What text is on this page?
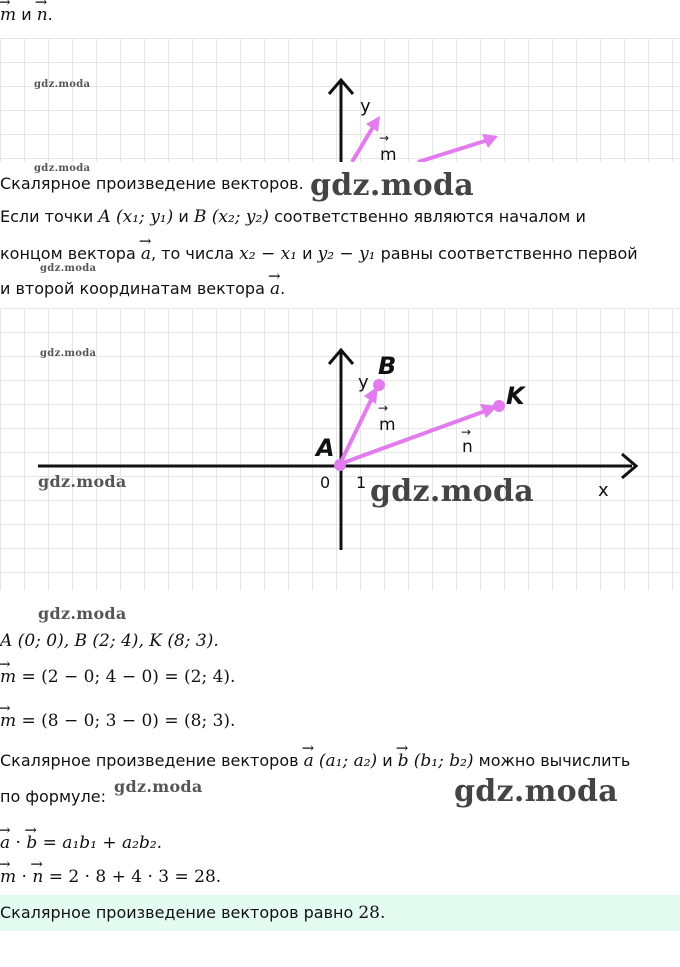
→ m и → n.
y
m
→
gdz.moda
gdz.moda
Скалярное произведение векторов. gdz.moda
Если точки A (x₁; y₁) и B (x₂; y₂) соответственно являются началом и
концом вектора → a, то числа x₂ − x₁ и y₂ − y₁ равны соответственно первой
gdz.moda
и второй координатам вектора → a.
A
B
K
y
x
0 1
m
→
n
→
gdz.moda
gdz.moda	gdz.moda
gdz.moda
A (0; 0), B (2; 4), K (8; 3).
→ m = (2 − 0; 4 − 0) = (2; 4).
→ m = (8 − 0; 3 − 0) = (8; 3).
Скалярное произведение векторов → a (a₁; a₂) и → b (b₁; b₂) можно вычислить
по формуле:
gdz.moda	gdz.moda
→ a · → b = a₁b₁ + a₂b₂.
→ m · → n = 2 · 8 + 4 · 3 = 28.
Скалярное произведение векторов равно 28.
